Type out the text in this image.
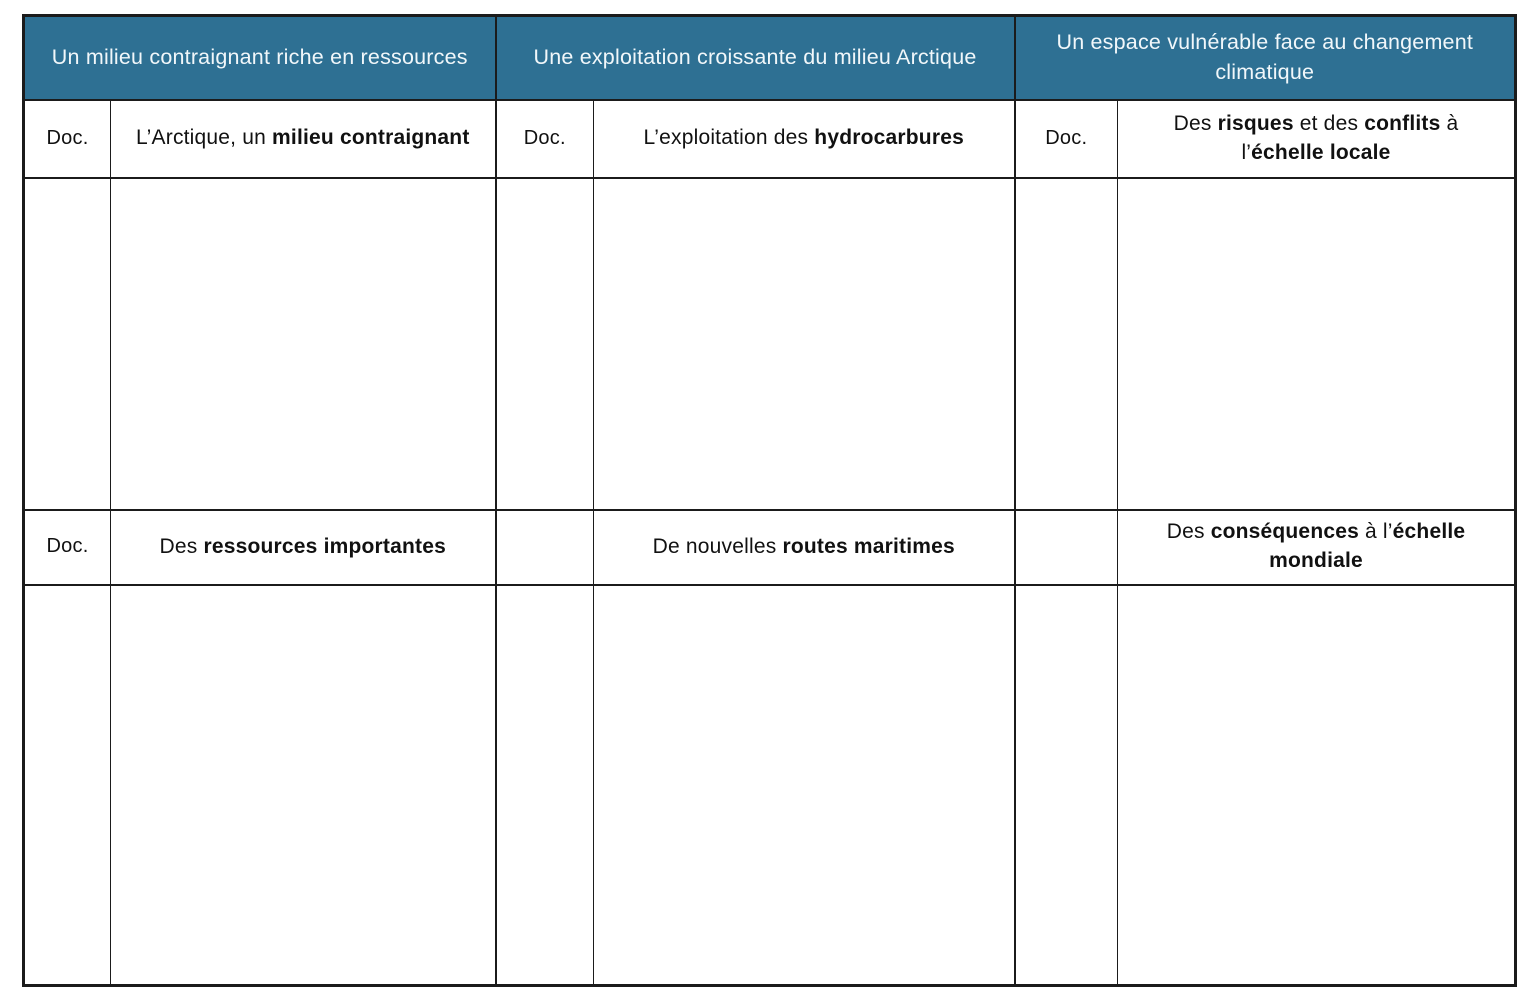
Un milieu contraignant riche en ressources		Une exploitation croissante du milieu Arctique		Un espace vulnérable face au changement climatique	
Doc.	L’Arctique, un milieu contraignant	Doc.	L’exploitation des hydrocarbures	Doc.	Des risques et des conflits à l’échelle locale

Doc.	Des ressources importantes		De nouvelles routes maritimes		Des conséquences à l’échelle mondiale
